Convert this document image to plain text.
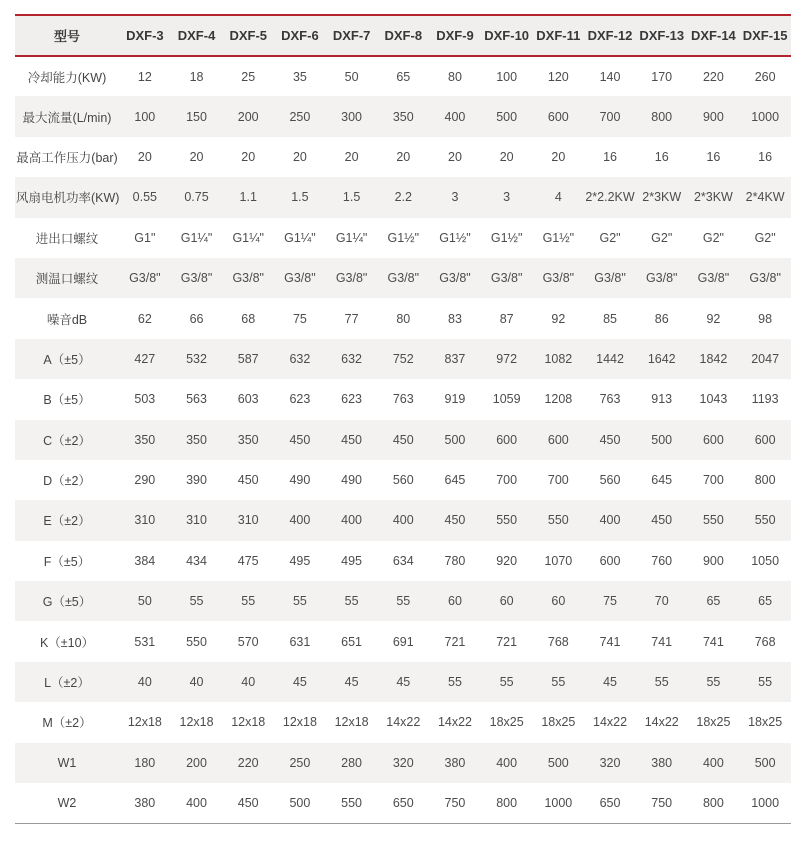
型号	DXF-3	DXF-4	DXF-5	DXF-6	DXF-7	DXF-8	DXF-9	DXF-10	DXF-11	DXF-12	DXF-13	DXF-14	DXF-15
冷却能力(KW)	12	18	25	35	50	65	80	100	120	140	170	220	260
最大流量(L/min)	100	150	200	250	300	350	400	500	600	700	800	900	1000
最高工作压力(bar)	20	20	20	20	20	20	20	20	20	16	16	16	16
风扇电机功率(KW)	0.55	0.75	1.1	1.5	1.5	2.2	3	3	4	2*2.2KW	2*3KW	2*3KW	2*4KW
进出口螺纹	G1"	G1¼"	G1¼"	G1¼"	G1¼"	G1½"	G1½"	G1½"	G1½"	G2"	G2"	G2"	G2"
测温口螺纹	G3/8"	G3/8"	G3/8"	G3/8"	G3/8"	G3/8"	G3/8"	G3/8"	G3/8"	G3/8"	G3/8"	G3/8"	G3/8"
噪音dB	62	66	68	75	77	80	83	87	92	85	86	92	98
A（±5）	427	532	587	632	632	752	837	972	1082	1442	1642	1842	2047
B（±5）	503	563	603	623	623	763	919	1059	1208	763	913	1043	1193
C（±2）	350	350	350	450	450	450	500	600	600	450	500	600	600
D（±2）	290	390	450	490	490	560	645	700	700	560	645	700	800
E（±2）	310	310	310	400	400	400	450	550	550	400	450	550	550
F（±5）	384	434	475	495	495	634	780	920	1070	600	760	900	1050
G（±5）	50	55	55	55	55	55	60	60	60	75	70	65	65
K（±10）	531	550	570	631	651	691	721	721	768	741	741	741	768
L（±2）	40	40	40	45	45	45	55	55	55	45	55	55	55
M（±2）	12x18	12x18	12x18	12x18	12x18	14x22	14x22	18x25	18x25	14x22	14x22	18x25	18x25
W1	180	200	220	250	280	320	380	400	500	320	380	400	500
W2	380	400	450	500	550	650	750	800	1000	650	750	800	1000
